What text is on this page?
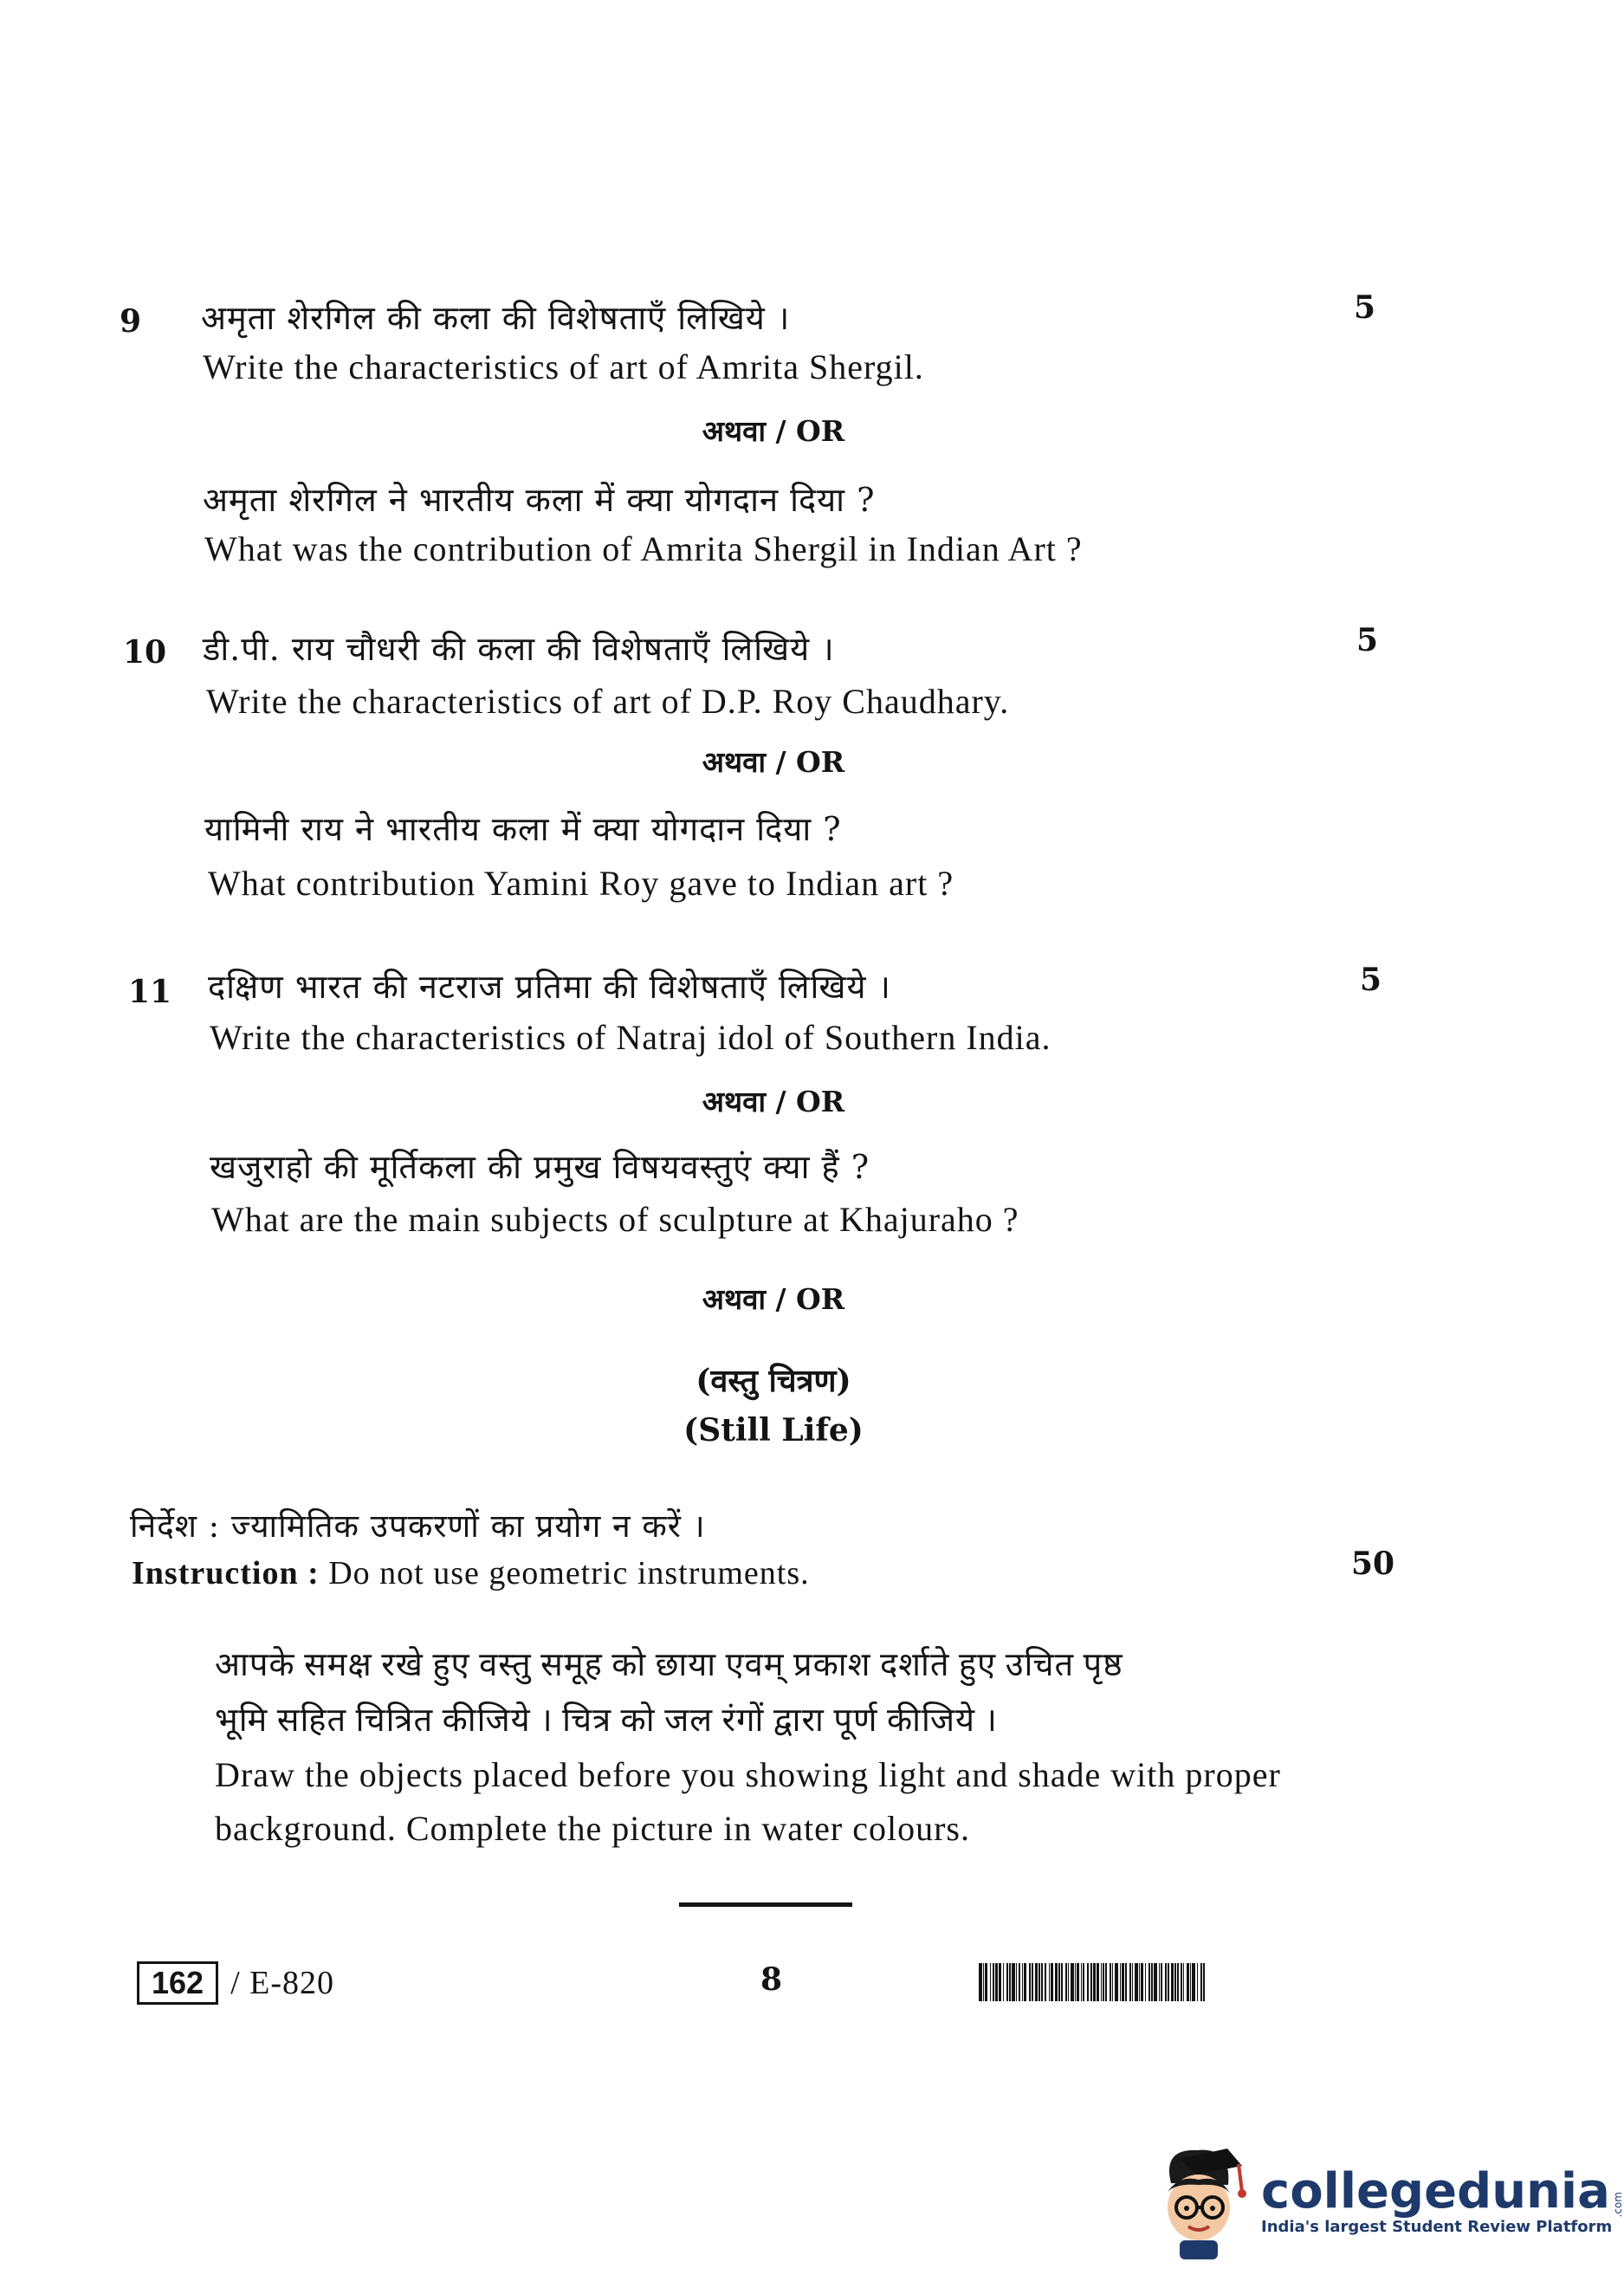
9 अमृता शेरगिल की कला की विशेषताएँ लिखिये ।	5
Write the characteristics of art of Amrita Shergil.
अथवा / OR
अमृता शेरगिल ने भारतीय कला में क्या योगदान दिया ?
What was the contribution of Amrita Shergil in Indian Art ?
10 डी.पी. राय चौधरी की कला की विशेषताएँ लिखिये ।	5
Write the characteristics of art of D.P. Roy Chaudhary.
अथवा / OR
यामिनी राय ने भारतीय कला में क्या योगदान दिया ?
What contribution Yamini Roy gave to Indian art ?
11 दक्षिण भारत की नटराज प्रतिमा की विशेषताएँ लिखिये ।	5
Write the characteristics of Natraj idol of Southern India.
अथवा / OR
खजुराहो की मूर्तिकला की प्रमुख विषयवस्तुएं क्या हैं ?
What are the main subjects of sculpture at Khajuraho ?
अथवा / OR
(वस्तु चित्रण)
(Still Life)
निर्देश : ज्यामितिक उपकरणों का प्रयोग न करें ।
Instruction : Do not use geometric instruments.	50
आपके समक्ष रखे हुए वस्तु समूह को छाया एवम् प्रकाश दर्शाते हुए उचित पृष्ठ
भूमि सहित चित्रित कीजिये । चित्र को जल रंगों द्वारा पूर्ण कीजिये ।
Draw the objects placed before you showing light and shade with proper
background. Complete the picture in water colours.
162 / E-820	8
collegedunia .com
India's largest Student Review Platform
